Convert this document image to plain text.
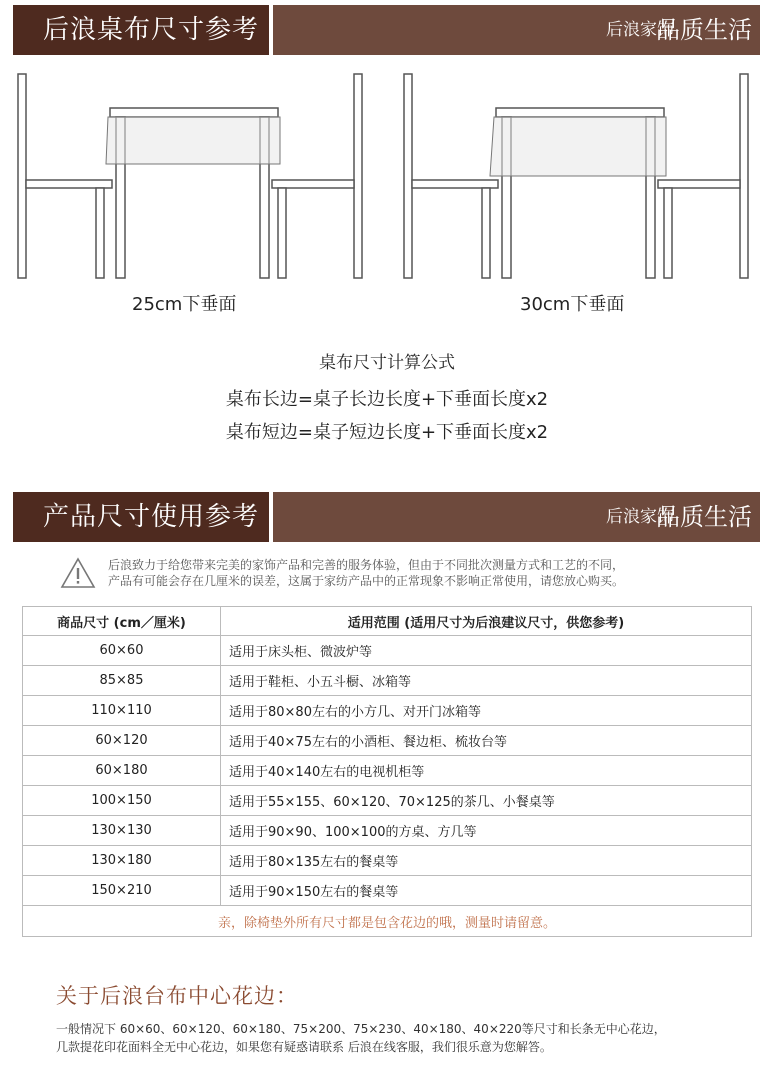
后浪桌布尺寸参考	后浪家饰
品质生活
25cm下垂面	30cm下垂面
桌布尺寸计算公式
桌布长边=桌子长边长度+下垂面长度x2
桌布短边=桌子短边长度+下垂面长度x2
产品尺寸使用参考	后浪家饰
品质生活
后浪致力于给您带来完美的家饰产品和完善的服务体验，但由于不同批次测量方式和工艺的不同，
产品有可能会存在几厘米的误差，这属于家纺产品中的正常现象不影响正常使用，请您放心购买。
商品尺寸 (cm／厘米)	适用范围 (适用尺寸为后浪建议尺寸，供您参考)
60×60	适用于床头柜、微波炉等
85×85	适用于鞋柜、小五斗橱、冰箱等
110×110	适用于80×80左右的小方几、对开门冰箱等
60×120	适用于40×75左右的小酒柜、餐边柜、梳妆台等
60×180	适用于40×140左右的电视机柜等
100×150	适用于55×155、60×120、70×125的茶几、小餐桌等
130×130	适用于90×90、100×100的方桌、方几等
130×180	适用于80×135左右的餐桌等
150×210	适用于90×150左右的餐桌等
亲，除椅垫外所有尺寸都是包含花边的哦，测量时请留意。	
关于后浪台布中心花边：
一般情况下 60×60、60×120、60×180、75×200、75×230、40×180、40×220等尺寸和长条无中心花边，
几款提花印花面料全无中心花边，如果您有疑惑请联系 后浪在线客服，我们很乐意为您解答。
